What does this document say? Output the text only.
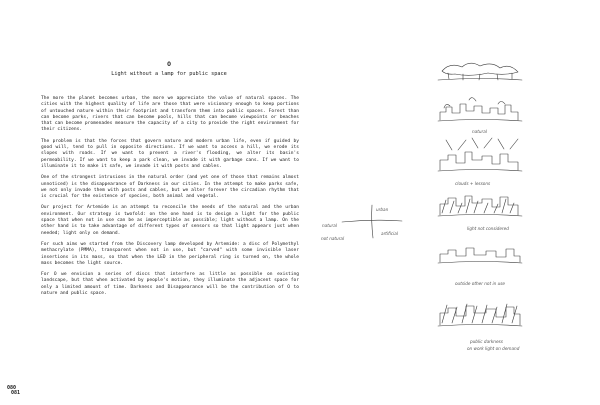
O
Light without a lamp for public space

The more the planet becomes urban, the more we appreciate the value of natural spaces. The cities with the highest quality of life are those that were visionary enough to keep portions of untouched nature within their footprint and transform them into public spaces. Forest than can become parks, rivers that can become pools, hills that can become viewpoints or beaches that can become promenades measure the capacity of a city to provide the right environment for their citizens.

The problem is that the forces that govern nature and modern urban life, even if guided by good will, tend to pull in opposite directions. If we want to access a hill, we erode its slopes with roads. If we want to prevent a river's flooding, we alter its basin's permeability. If we want to keep a park clean, we invade it with garbage cans. If we want to illuminate it to make it safe, we invade it with posts and cables.

One of the strongest intrusions in the natural order (and yet one of those that remains almost unnoticed) is the disappearance of Darkness in our cities. In the attempt to make parks safe, we not only invade them with posts and cables, but we alter forever the circadian rhythm that is crucial for the existence of species, both animal and vegetal.

Our project for Artemide is an attempt to reconcile the needs of the natural and the urban environment. Our strategy is twofold: on the one hand is to design a light for the public space that when not in use can be as imperceptible as possible; light without a lamp. On the other hand is to take advantage of different types of sensors so that light appears just when needed; light only on demand.

For such aims we started from the Discovery lamp developed by Artemide: a disc of Polymethyl methacrylate (PMMA), transparent when not in use, but "carved" with some invisible laser insertions in its mass, so that when the LED in the peripheral ring is turned on, the whole mass becomes the light source.

For O we envision a series of discs that interfere as little as possible on existing landscape, but that when activated by people's motion, they illuminate the adjacent space for only a limited amount of time. Darkness and Disappearance will be the contribution of O to nature and public space.

080
081
natural
clouds + lessons
light not considered
outside other not in use
public darkness
on work light on demand
natural
urban
not natural
artificial
